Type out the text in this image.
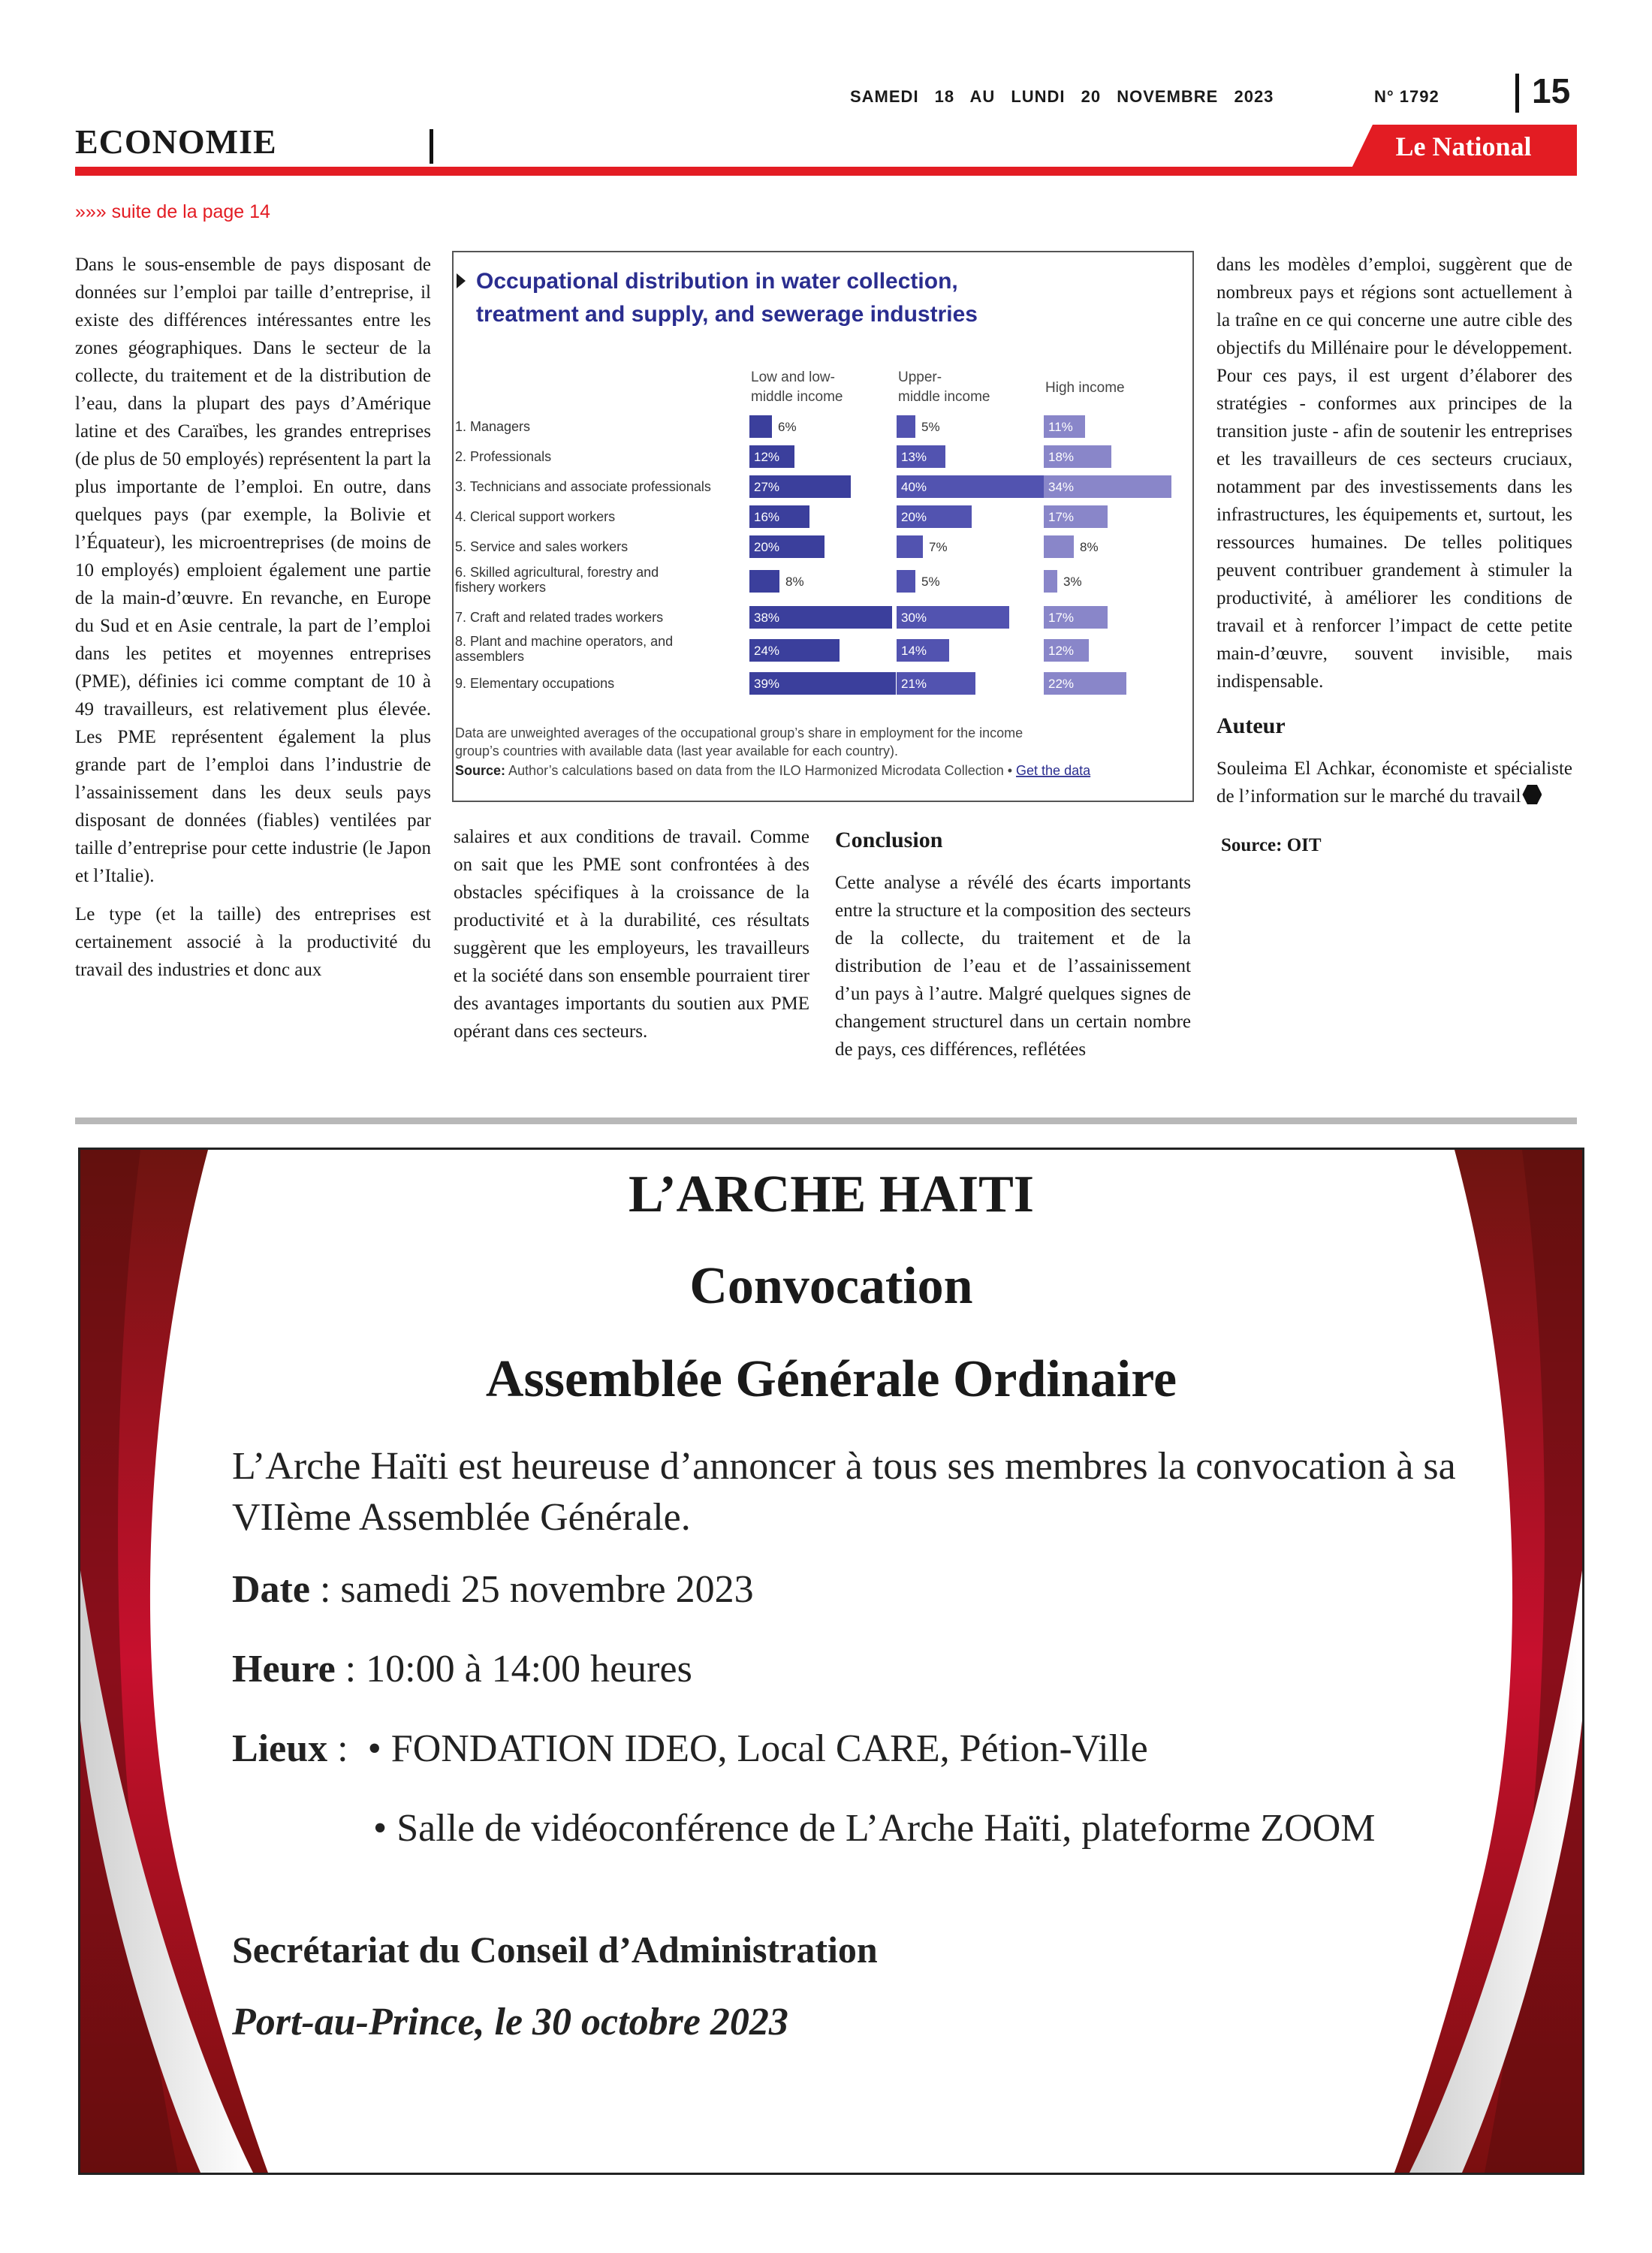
SAMEDI 18 AU LUNDI 20 NOVEMBRE 2023	N° 1792	15
ECONOMIE	Le National
»»» suite de la page 14

Dans le sous-ensemble de pays disposant de données sur l’emploi par taille d’entreprise, il existe des différences intéressantes entre les zones géographiques. Dans le secteur de la collecte, du traitement et de la distribution de l’eau, dans la plupart des pays d’Amérique latine et des Caraïbes, les grandes entreprises (de plus de 50 employés) représentent la part la plus importante de l’emploi. En outre, dans quelques pays (par exemple, la Bolivie et l’Équateur), les microentreprises (de moins de 10 employés) emploient également une partie de la main-d’œuvre. En revanche, en Europe du Sud et en Asie centrale, la part de l’emploi dans les petites et moyennes entreprises (PME), définies ici comme comptant de 10 à 49 travailleurs, est relativement plus élevée. Les PME représentent également la plus grande part de l’emploi dans l’industrie de l’assainissement dans les deux seuls pays disposant de données (fiables) ventilées par taille d’entreprise pour cette industrie (le Japon et l’Italie).

Le type (et la taille) des entreprises est certainement associé à la productivité du travail des industries et donc aux

Occupational distribution in water collection,
treatment and supply, and sewerage industries
Low and low-
middle income
Upper-
middle income
High income
1. Managers	6%	5%	11%
2. Professionals	12%	13%	18%
3. Technicians and associate professionals	27%	40%	34%
4. Clerical support workers	16%	20%	17%
5. Service and sales workers	20%	7%	8%
6. Skilled agricultural, forestry and
fishery workers	8%	5%	3%
7. Craft and related trades workers	38%	30%	17%
8. Plant and machine operators, and
assemblers	24%	14%	12%
9. Elementary occupations	39%	21%	22%
Data are unweighted averages of the occupational group’s share in employment for the income
group’s countries with available data (last year available for each country).
Source: Author’s calculations based on data from the ILO Harmonized Microdata Collection • Get the data

salaires et aux conditions de travail. Comme on sait que les PME sont confrontées à des obstacles spécifiques à la croissance de la productivité et à la durabilité, ces résultats suggèrent que les employeurs, les travailleurs et la société dans son ensemble pourraient tirer des avantages importants du soutien aux PME opérant dans ces secteurs.

Conclusion

Cette analyse a révélé des écarts importants entre la structure et la composition des secteurs de la collecte, du traitement et de la distribution de l’eau et de l’assainissement d’un pays à l’autre. Malgré quelques signes de changement structurel dans un certain nombre de pays, ces différences, reflétées

dans les modèles d’emploi, suggèrent que de nombreux pays et régions sont actuellement à la traîne en ce qui concerne une autre cible des objectifs du Millénaire pour le développement. Pour ces pays, il est urgent d’élaborer des stratégies - conformes aux principes de la transition juste - afin de soutenir les entreprises et les travailleurs de ces secteurs cruciaux, notamment par des investissements dans les infrastructures, les équipements et, surtout, les ressources humaines. De telles politiques peuvent contribuer grandement à stimuler la productivité, à améliorer les conditions de travail et à renforcer l’impact de cette petite main-d’œuvre, souvent invisible, mais indispensable.

Auteur

Souleima El Achkar, économiste et spécialiste de l’information sur le marché du travail

Source: OIT

L’ARCHE HAITI
Convocation
Assemblée Générale Ordinaire
L’Arche Haïti est heureuse d’annoncer à tous ses membres la convocation à sa VIIème Assemblée Générale.
Date : samedi 25 novembre 2023
Heure : 10:00 à 14:00 heures
Lieux :  • FONDATION IDEO, Local CARE, Pétion-Ville
• Salle de vidéoconférence de L’Arche Haïti, plateforme ZOOM
Secrétariat du Conseil d’Administration
Port-au-Prince, le 30 octobre 2023
